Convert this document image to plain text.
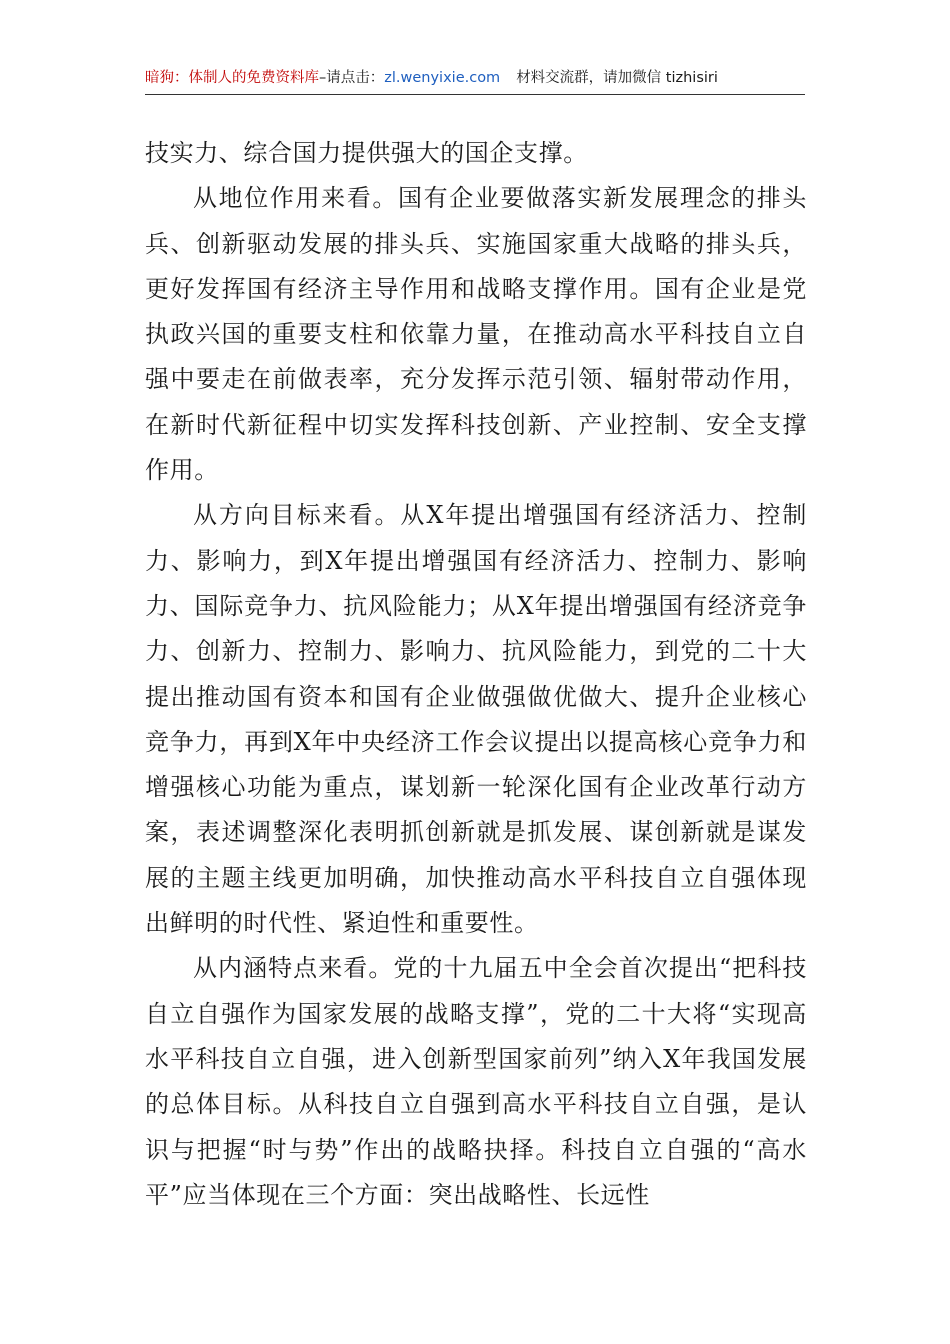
暗狗：体制人的免费资料库–请点击：zl.wenyixie.com 材料交流群，请加微信 tizhisiri

技实力、综合国力提供强大的国企支撑。

从地位作用来看。国有企业要做落实新发展理念的排头兵、创新驱动发展的排头兵、实施国家重大战略的排头兵，更好发挥国有经济主导作用和战略支撑作用。国有企业是党执政兴国的重要支柱和依靠力量，在推动高水平科技自立自强中要走在前做表率，充分发挥示范引领、辐射带动作用，在新时代新征程中切实发挥科技创新、产业控制、安全支撑作用。

从方向目标来看。从X年提出增强国有经济活力、控制力、影响力，到X年提出增强国有经济活力、控制力、影响力、国际竞争力、抗风险能力；从X年提出增强国有经济竞争力、创新力、控制力、影响力、抗风险能力，到党的二十大提出推动国有资本和国有企业做强做优做大、提升企业核心竞争力，再到X年中央经济工作会议提出以提高核心竞争力和增强核心功能为重点，谋划新一轮深化国有企业改革行动方案，表述调整深化表明抓创新就是抓发展、谋创新就是谋发展的主题主线更加明确，加快推动高水平科技自立自强体现出鲜明的时代性、紧迫性和重要性。

从内涵特点来看。党的十九届五中全会首次提出“把科技自立自强作为国家发展的战略支撑”，党的二十大将“实现高水平科技自立自强，进入创新型国家前列”纳入X年我国发展的总体目标。从科技自立自强到高水平科技自立自强，是认识与把握“时与势”作出的战略抉择。科技自立自强的“高水平”应当体现在三个方面：突出战略性、长远性
